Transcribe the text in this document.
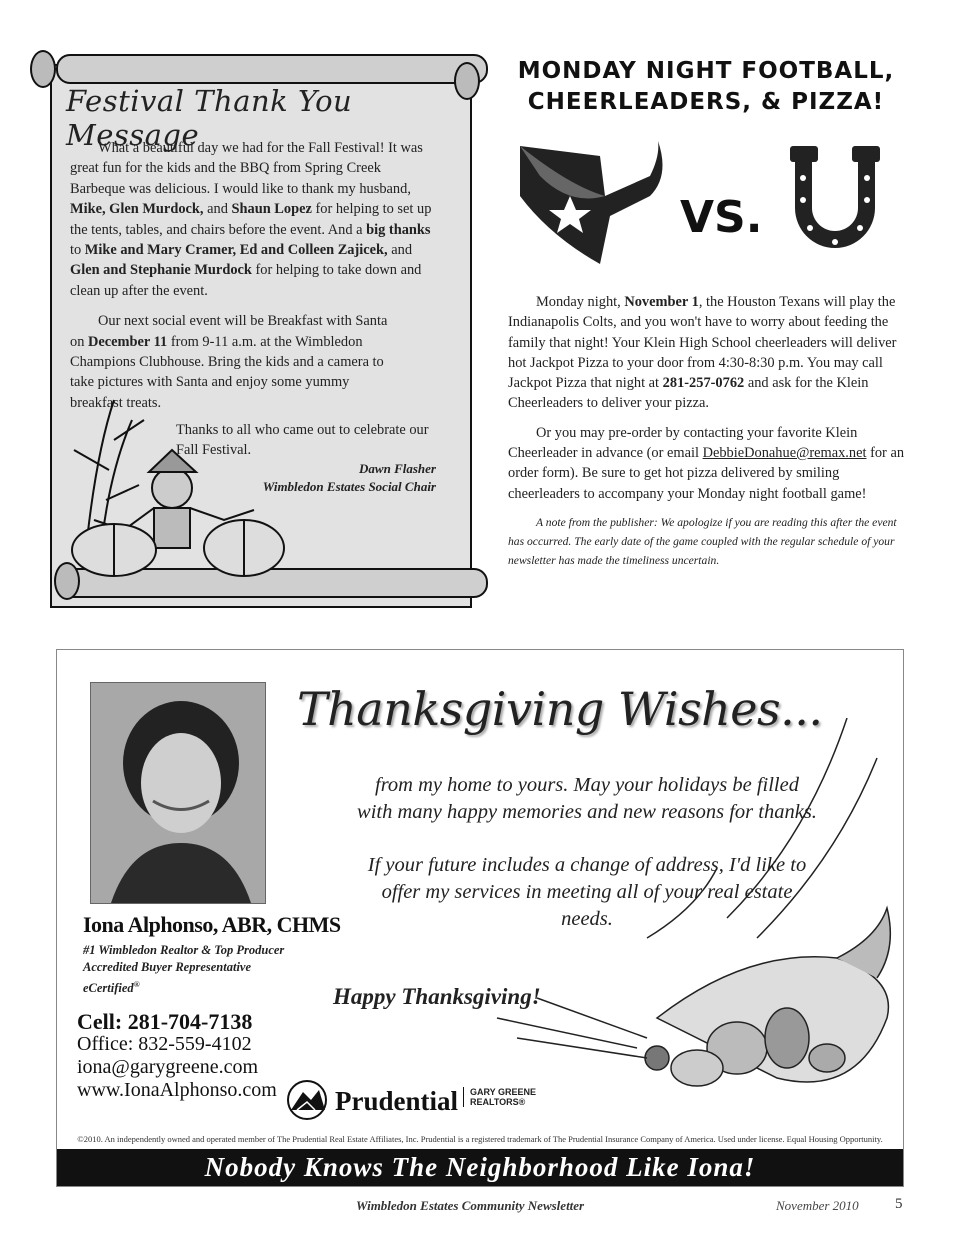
Festival Thank You Message

What a beautiful day we had for the Fall Festival! It was great fun for the kids and the BBQ from Spring Creek Barbeque was delicious. I would like to thank my husband, Mike, Glen Murdock, and Shaun Lopez for helping to set up the tents, tables, and chairs before the event. And a big thanks to Mike and Mary Cramer, Ed and Colleen Zajicek, and Glen and Stephanie Murdock for helping to take down and clean up after the event.

Our next social event will be Breakfast with Santa on December 11 from 9-11 a.m. at the Wimbledon Champions Clubhouse. Bring the kids and a camera to take pictures with Santa and enjoy some yummy breakfast treats.

Thanks to all who came out to celebrate our Fall Festival.
Dawn Flasher
Wimbledon Estates Social Chair
MONDAY NIGHT FOOTBALL,
CHEERLEADERS, & PIZZA!
VS.

Monday night, November 1, the Houston Texans will play the Indianapolis Colts, and you won't have to worry about feeding the family that night! Your Klein High School cheerleaders will deliver hot Jackpot Pizza to your door from 4:30-8:30 p.m. You may call Jackpot Pizza that night at 281-257-0762 and ask for the Klein Cheerleaders to deliver your pizza.

Or you may pre-order by contacting your favorite Klein Cheerleader in advance (or email DebbieDonahue@remax.net for an order form). Be sure to get hot pizza delivered by smiling cheerleaders to accompany your Monday night football game!

A note from the publisher: We apologize if you are reading this after the event has occurred. The early date of the game coupled with the regular schedule of your newsletter has made the timeliness uncertain.

Thanksgiving Wishes...
from my home to yours. May your holidays be filled with many happy memories and new reasons for thanks.
If your future includes a change of address, I'd like to offer my services in meeting all of your real estate needs.
Iona Alphonso, ABR, CHMS
#1 Wimbledon Realtor & Top Producer
Accredited Buyer Representative
eCertified®	Happy Thanksgiving!
Cell: 281-704-7138
Office: 832-559-4102
iona@garygreene.com
www.IonaAlphonso.com Prudential GARY GREENE
REALTORS®
©2010. An independently owned and operated member of The Prudential Real Estate Affiliates, Inc. Prudential is a registered trademark of The Prudential Insurance Company of America. Used under license. Equal Housing Opportunity.
Nobody Knows The Neighborhood Like Iona!
Wimbledon Estates Community Newsletter	November 2010 5
